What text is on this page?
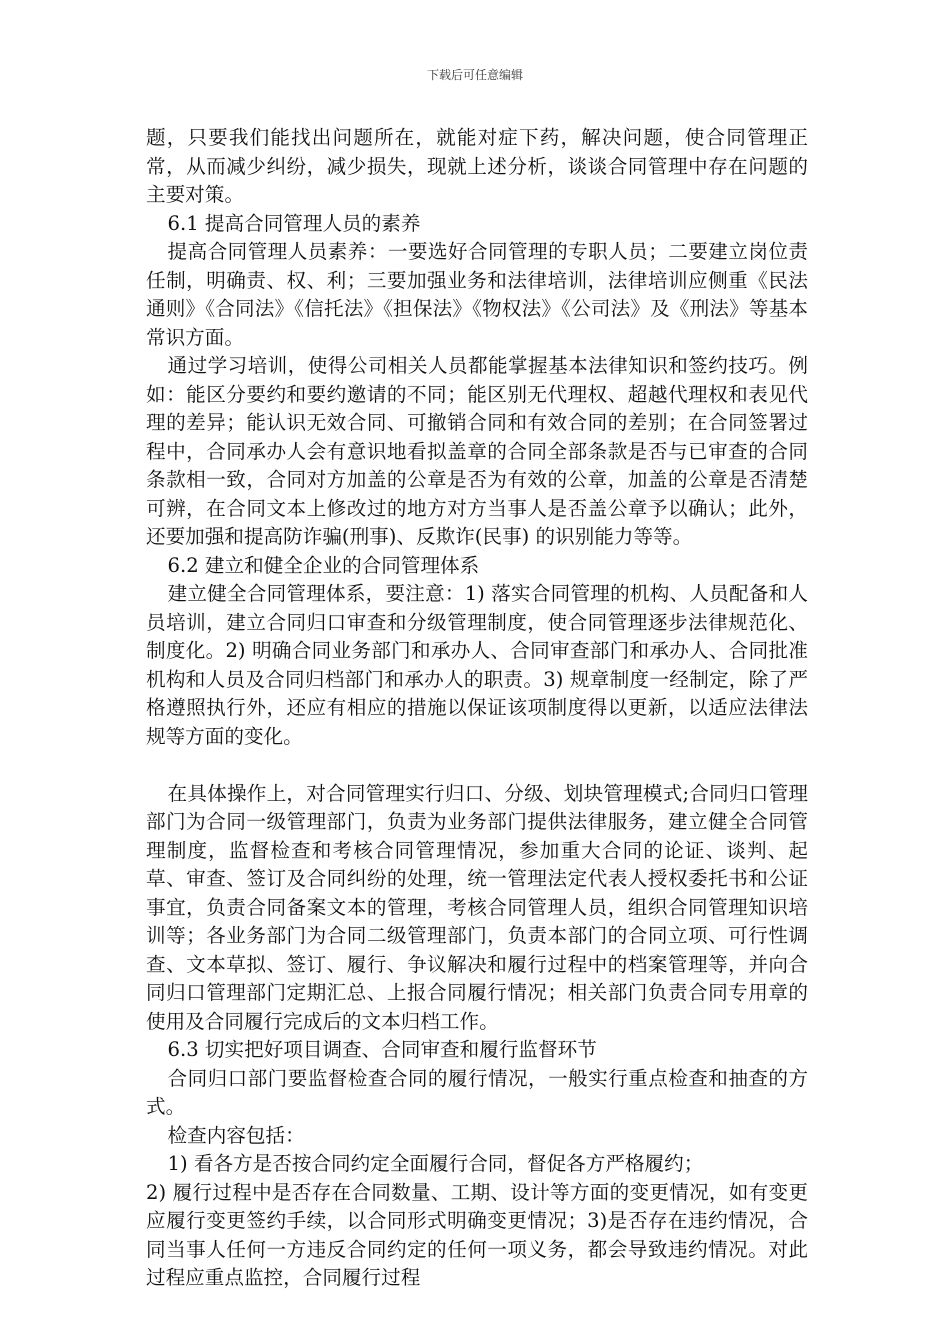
下载后可任意编辑

题，只要我们能找出问题所在，就能对症下药，解决问题，使合同管理正常，从而减少纠纷，减少损失，现就上述分析，谈谈合同管理中存在问题的主要对策。

6.1 提高合同管理人员的素养

提高合同管理人员素养：一要选好合同管理的专职人员；二要建立岗位责任制，明确责、权、利；三要加强业务和法律培训，法律培训应侧重《民法通则》《合同法》《信托法》《担保法》《物权法》《公司法》及《刑法》等基本常识方面。

通过学习培训，使得公司相关人员都能掌握基本法律知识和签约技巧。例如：能区分要约和要约邀请的不同；能区别无代理权、超越代理权和表见代理的差异；能认识无效合同、可撤销合同和有效合同的差别；在合同签署过程中，合同承办人会有意识地看拟盖章的合同全部条款是否与已审查的合同条款相一致，合同对方加盖的公章是否为有效的公章，加盖的公章是否清楚可辨，在合同文本上修改过的地方对方当事人是否盖公章予以确认；此外，还要加强和提高防诈骗(刑事)、反欺诈(民事) 的识别能力等等。

6.2 建立和健全企业的合同管理体系

建立健全合同管理体系，要注意：1) 落实合同管理的机构、人员配备和人员培训，建立合同归口审查和分级管理制度，使合同管理逐步法律规范化、制度化。2) 明确合同业务部门和承办人、合同审查部门和承办人、合同批准机构和人员及合同归档部门和承办人的职责。3) 规章制度一经制定，除了严格遵照执行外，还应有相应的措施以保证该项制度得以更新，以适应法律法规等方面的变化。

在具体操作上，对合同管理实行归口、分级、划块管理模式;合同归口管理部门为合同一级管理部门，负责为业务部门提供法律服务，建立健全合同管理制度，监督检查和考核合同管理情况，参加重大合同的论证、谈判、起草、审查、签订及合同纠纷的处理，统一管理法定代表人授权委托书和公证事宜，负责合同备案文本的管理，考核合同管理人员，组织合同管理知识培训等；各业务部门为合同二级管理部门，负责本部门的合同立项、可行性调查、文本草拟、签订、履行、争议解决和履行过程中的档案管理等，并向合同归口管理部门定期汇总、上报合同履行情况；相关部门负责合同专用章的使用及合同履行完成后的文本归档工作。

6.3 切实把好项目调查、合同审查和履行监督环节

合同归口部门要监督检查合同的履行情况，一般实行重点检查和抽查的方式。

检查内容包括：

1) 看各方是否按合同约定全面履行合同，督促各方严格履约；

2) 履行过程中是否存在合同数量、工期、设计等方面的变更情况，如有变更应履行变更签约手续，以合同形式明确变更情况；3)是否存在违约情况，合同当事人任何一方违反合同约定的任何一项义务，都会导致违约情况。对此过程应重点监控，合同履行过程
